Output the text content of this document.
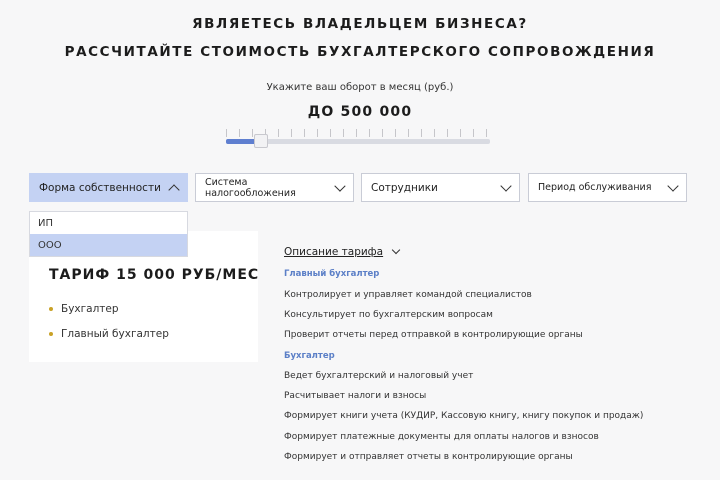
ЯВЛЯЕТЕСЬ ВЛАДЕЛЬЦЕМ БИЗНЕСА?
РАССЧИТАЙТЕ СТОИМОСТЬ БУХГАЛТЕРСКОГО СОПРОВОЖДЕНИЯ
Укажите ваш оборот в месяц (руб.)
ДО 500 000
Форма собственности	Система налогообложения	Сотрудники	Период обслуживания
ТАРИФ 15 000 РУБ/МЕС
Бухгалтер
Главный бухгалтер
ИП
ООО
Описание тарифа
Главный бухгалтер
Контролирует и управляет командой специалистов
Консультирует по бухгалтерским вопросам
Проверит отчеты перед отправкой в контролирующие органы
Бухгалтер
Ведет бухгалтерский и налоговый учет
Расчитывает налоги и взносы
Формирует книги учета (КУДИР, Кассовую книгу, книгу покупок и продаж)
Формирует платежные документы для оплаты налогов и взносов
Формирует и отправляет отчеты в контролирующие органы
